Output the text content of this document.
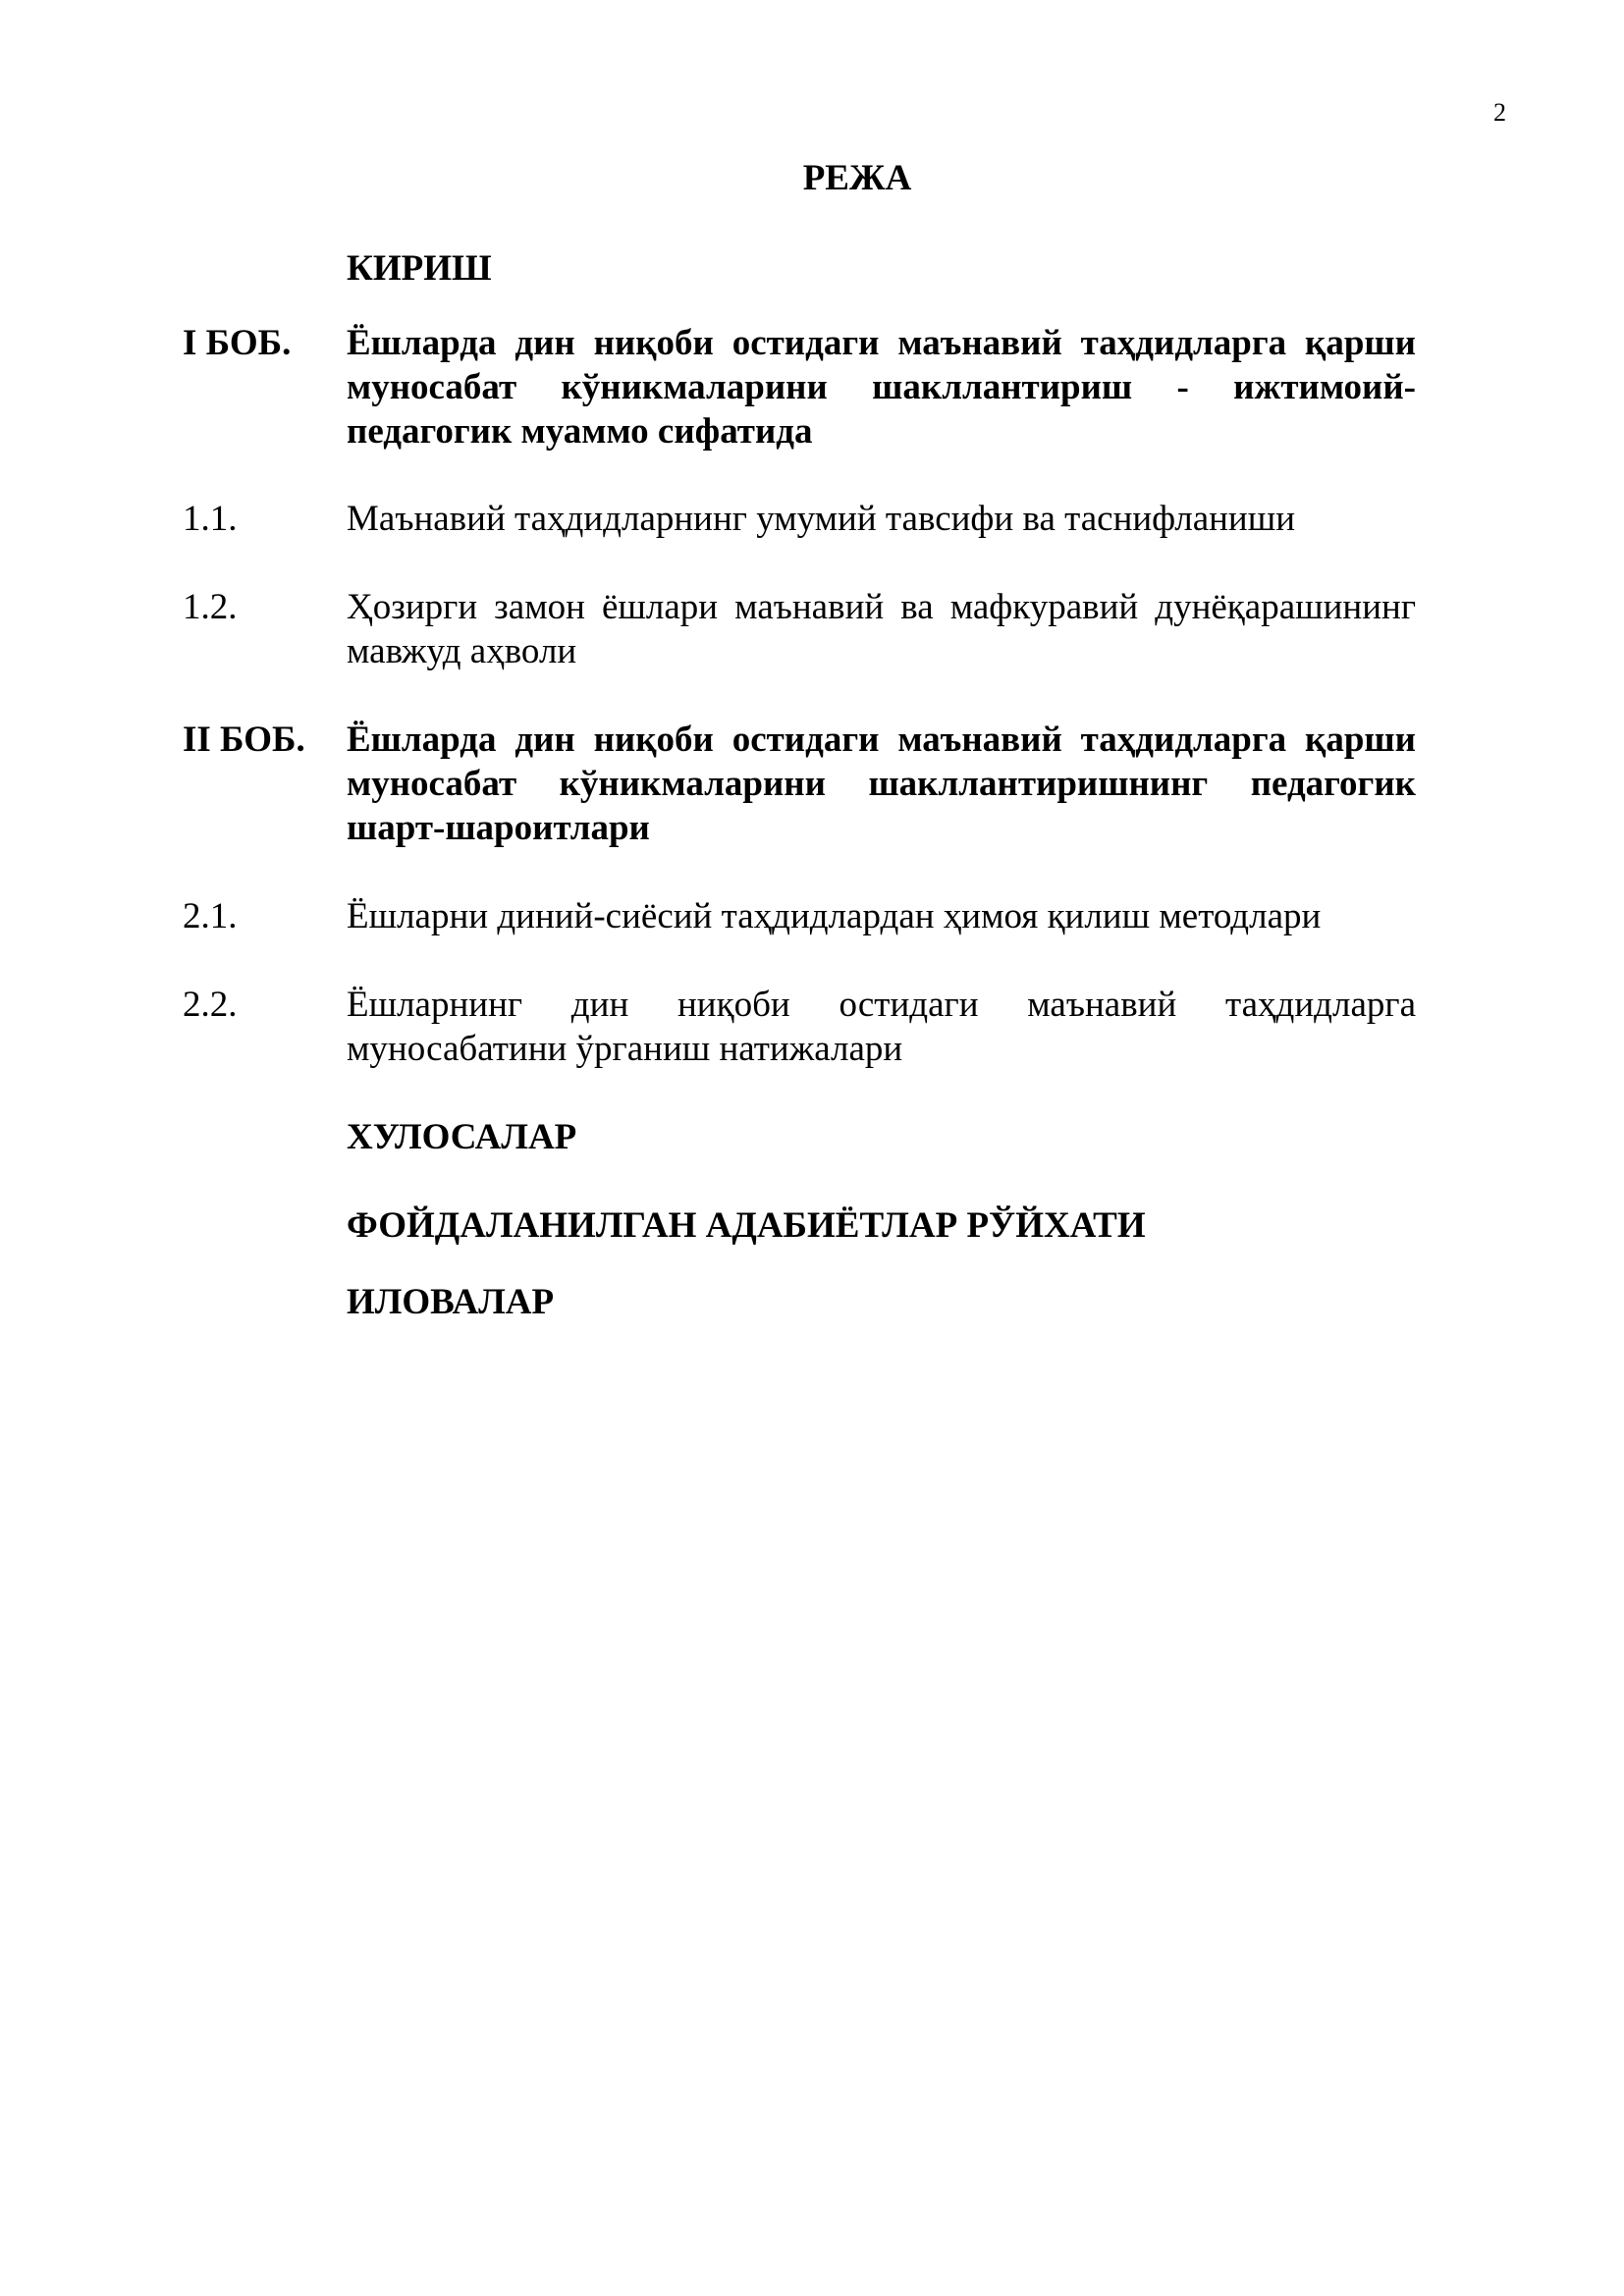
2
РЕЖА
КИРИШ
I БОБ. Ёшларда дин ниқоби остидаги маънавий таҳдидларга қарши муносабат кўникмаларини шакллантириш - ижтимоий-педагогик муаммо сифатида
1.1.	Маънавий таҳдидларнинг умумий тавсифи ва таснифланиши
1.2.	Ҳозирги замон ёшлари маънавий ва мафкуравий дунёқарашининг мавжуд аҳволи
II БОБ. Ёшларда дин ниқоби остидаги маънавий таҳдидларга қарши муносабат кўникмаларини шакллантиришнинг педагогик шарт-шароитлари
2.1.	Ёшларни диний-сиёсий таҳдидлардан ҳимоя қилиш методлари
2.2.	Ёшларнинг дин ниқоби остидаги маънавий таҳдидларга муносабатини ўрганиш натижалари
ХУЛОСАЛАР
ФОЙДАЛАНИЛГАН АДАБИЁТЛАР РЎЙХАТИ
ИЛОВАЛАР
